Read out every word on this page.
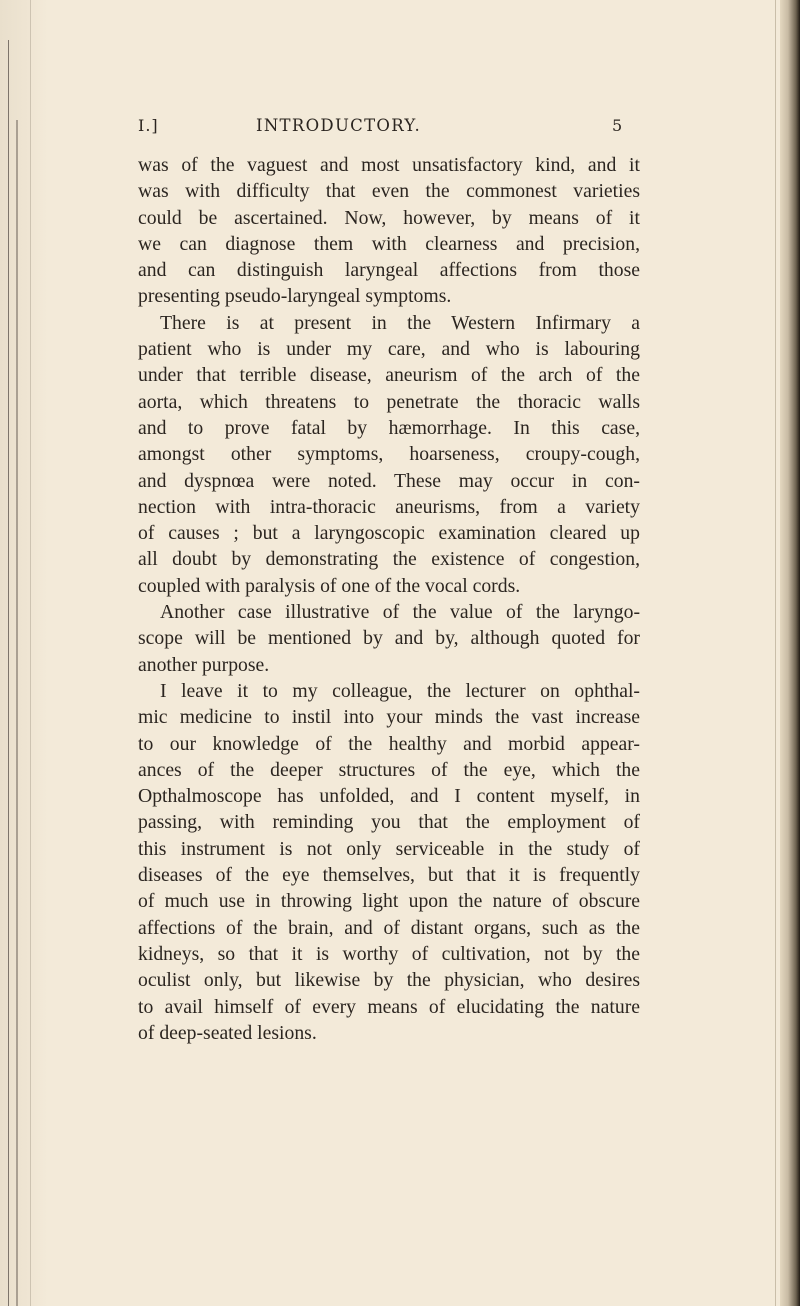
I.]	INTRODUCTORY.	5
was of the vaguest and most unsatisfactory kind, and it
was with difficulty that even the commonest varieties
could be ascertained. Now, however, by means of it
we can diagnose them with clearness and precision,
and can distinguish laryngeal affections from those
presenting pseudo-laryngeal symptoms.
There is at present in the Western Infirmary a
patient who is under my care, and who is labouring
under that terrible disease, aneurism of the arch of the
aorta, which threatens to penetrate the thoracic walls
and to prove fatal by hæmorrhage. In this case,
amongst other symptoms, hoarseness, croupy-cough,
and dyspnœa were noted. These may occur in con-
nection with intra-thoracic aneurisms, from a variety
of causes ; but a laryngoscopic examination cleared up
all doubt by demonstrating the existence of congestion,
coupled with paralysis of one of the vocal cords.
Another case illustrative of the value of the laryngo-
scope will be mentioned by and by, although quoted for
another purpose.
I leave it to my colleague, the lecturer on ophthal-
mic medicine to instil into your minds the vast increase
to our knowledge of the healthy and morbid appear-
ances of the deeper structures of the eye, which the
Opthalmoscope has unfolded, and I content myself, in
passing, with reminding you that the employment of
this instrument is not only serviceable in the study of
diseases of the eye themselves, but that it is frequently
of much use in throwing light upon the nature of obscure
affections of the brain, and of distant organs, such as the
kidneys, so that it is worthy of cultivation, not by the
oculist only, but likewise by the physician, who desires
to avail himself of every means of elucidating the nature
of deep-seated lesions.
